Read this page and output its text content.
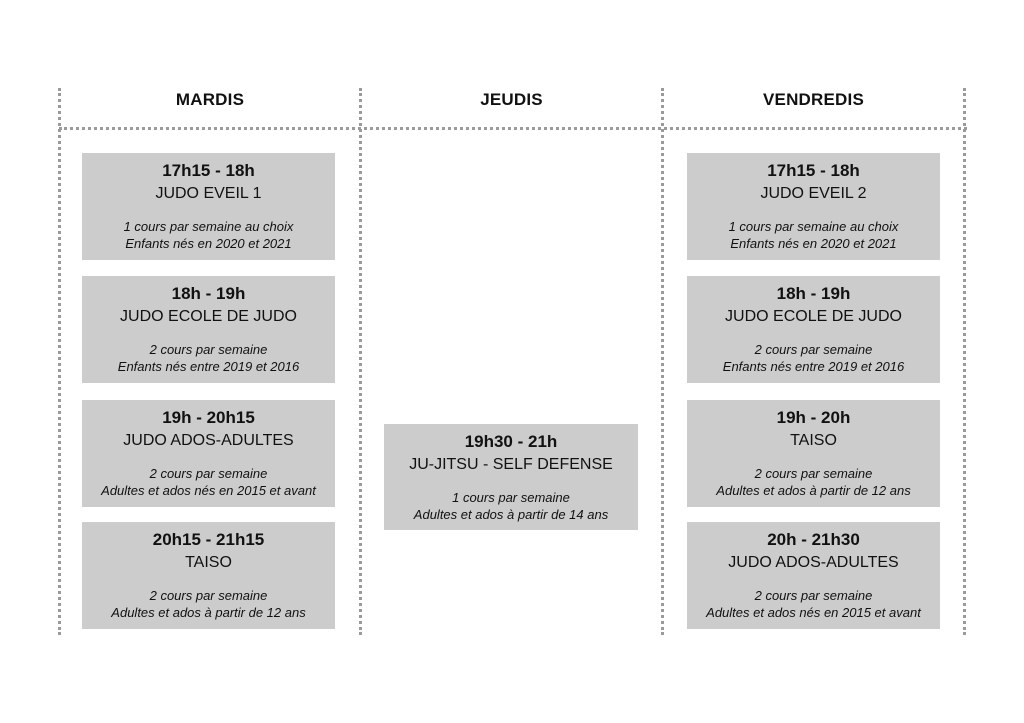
MARDIS	JEUDIS	VENDREDIS
17h15 - 18h
JUDO EVEIL 1
1 cours par semaine au choix
Enfants nés en 2020 et 2021
18h - 19h
JUDO ECOLE DE JUDO
2 cours par semaine
Enfants nés entre 2019 et 2016
19h - 20h15
JUDO ADOS-ADULTES
2 cours par semaine
Adultes et ados nés en 2015 et avant
20h15 - 21h15
TAISO
2 cours par semaine
Adultes et ados à partir de 12 ans
19h30 - 21h
JU-JITSU - SELF DEFENSE
1 cours par semaine
Adultes et ados à partir de 14 ans
17h15 - 18h
JUDO EVEIL 2
1 cours par semaine au choix
Enfants nés en 2020 et 2021
18h - 19h
JUDO ECOLE DE JUDO
2 cours par semaine
Enfants nés entre 2019 et 2016
19h - 20h
TAISO
2 cours par semaine
Adultes et ados à partir de 12 ans
20h - 21h30
JUDO ADOS-ADULTES
2 cours par semaine
Adultes et ados nés en 2015 et avant
